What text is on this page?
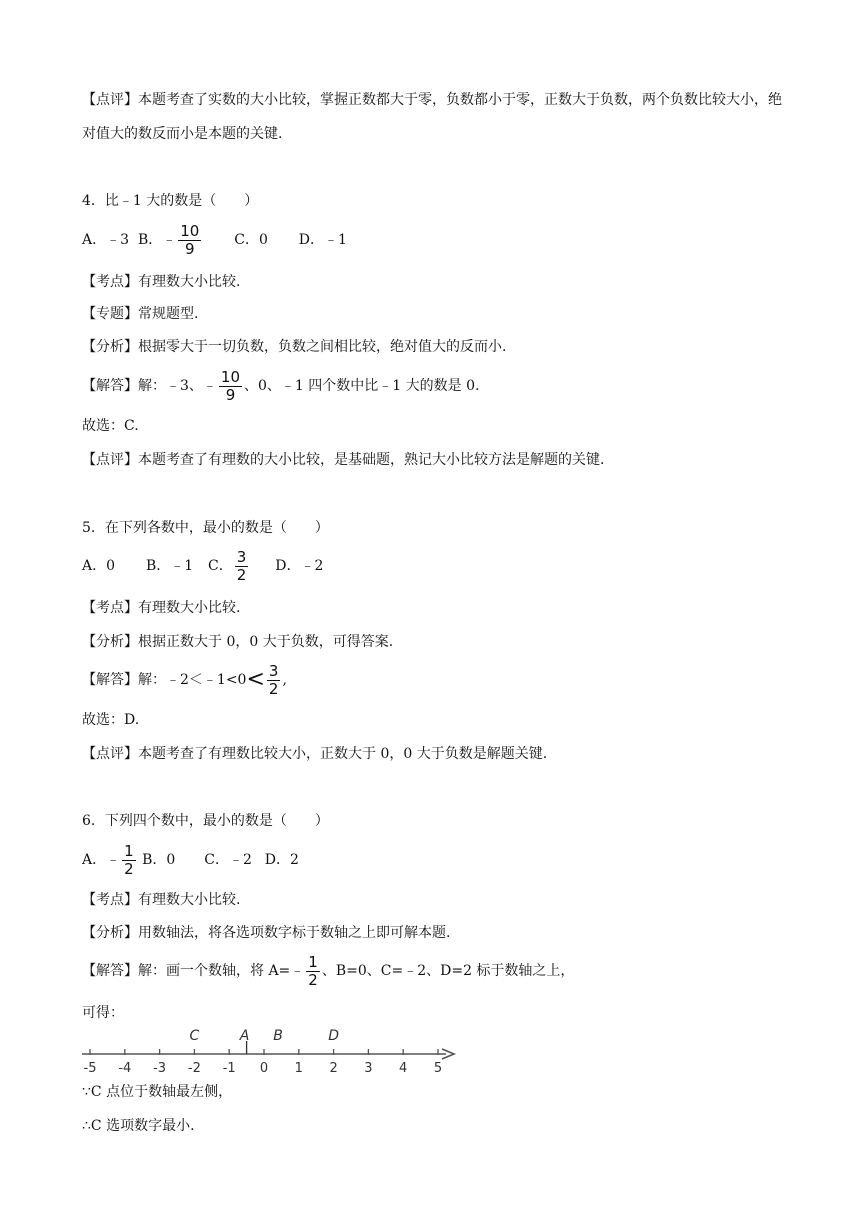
【点评】本题考查了实数的大小比较，掌握正数都大于零，负数都小于零，正数大于负数，两个负数比较大小，绝对值大的数反而小是本题的关键.
4．比﹣1 大的数是（　　）
A．﹣3 B．﹣ $\frac{10}{9}$ C．0 D．﹣1
【考点】有理数大小比较.
【专题】常规题型.
【分析】根据零大于一切负数，负数之间相比较，绝对值大的反而小.
【解答】解：﹣3、﹣ $\frac{10}{9}$ 、0、﹣1 四个数中比﹣1 大的数是 0.
故选：C.
【点评】本题考查了有理数的大小比较，是基础题，熟记大小比较方法是解题的关键.
5．在下列各数中，最小的数是（　　）
A．0 B．﹣1 C． $\frac{3}{2}$ D．﹣2
【考点】有理数大小比较.
【分析】根据正数大于 0，0 大于负数，可得答案.
【解答】解：﹣2＜﹣1<0< $\frac{3}{2}$ ,
故选：D.
【点评】本题考查了有理数比较大小，正数大于 0，0 大于负数是解题关键.
6．下列四个数中，最小的数是（　　）
A．﹣ $\frac{1}{2}$ B．0 C．﹣2 D．2
【考点】有理数大小比较.
【分析】用数轴法，将各选项数字标于数轴之上即可解本题.
【解答】解：画一个数轴，将 A=﹣ $\frac{1}{2}$ 、B=0、C=﹣2、D=2 标于数轴之上，
可得：
-5 -4 -3 -2 -1 0 1 2 3 4 5
C	A B	D
∵C 点位于数轴最左侧，
∴C 选项数字最小.
